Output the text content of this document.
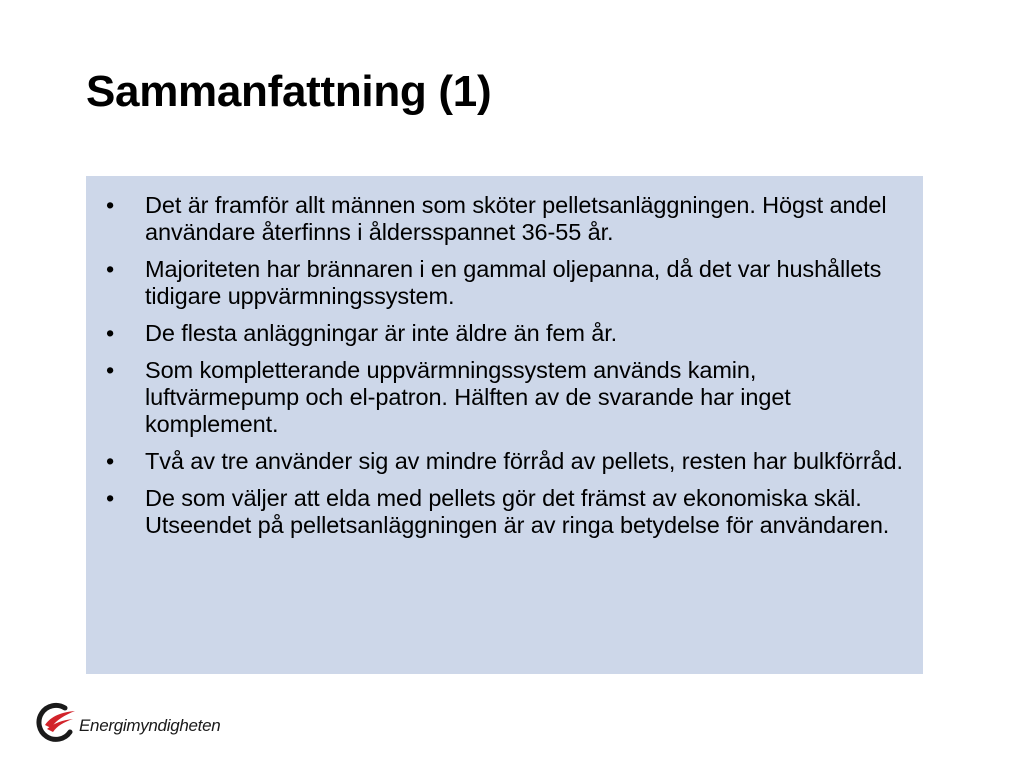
Sammanfattning (1)
• Det är framför allt männen som sköter pelletsanläggningen. Högst andel användare återfinns i åldersspannet 36-55 år.
• Majoriteten har brännaren i en gammal oljepanna, då det var hushållets tidigare uppvärmningssystem.
• De flesta anläggningar är inte äldre än fem år.
• Som kompletterande uppvärmningssystem används kamin, luftvärmepump och el-patron. Hälften av de svarande har inget komplement.
• Två av tre använder sig av mindre förråd av pellets, resten har bulkförråd.
• De som väljer att elda med pellets gör det främst av ekonomiska skäl. Utseendet på pelletsanläggningen är av ringa betydelse för användaren.
Energimyndigheten
